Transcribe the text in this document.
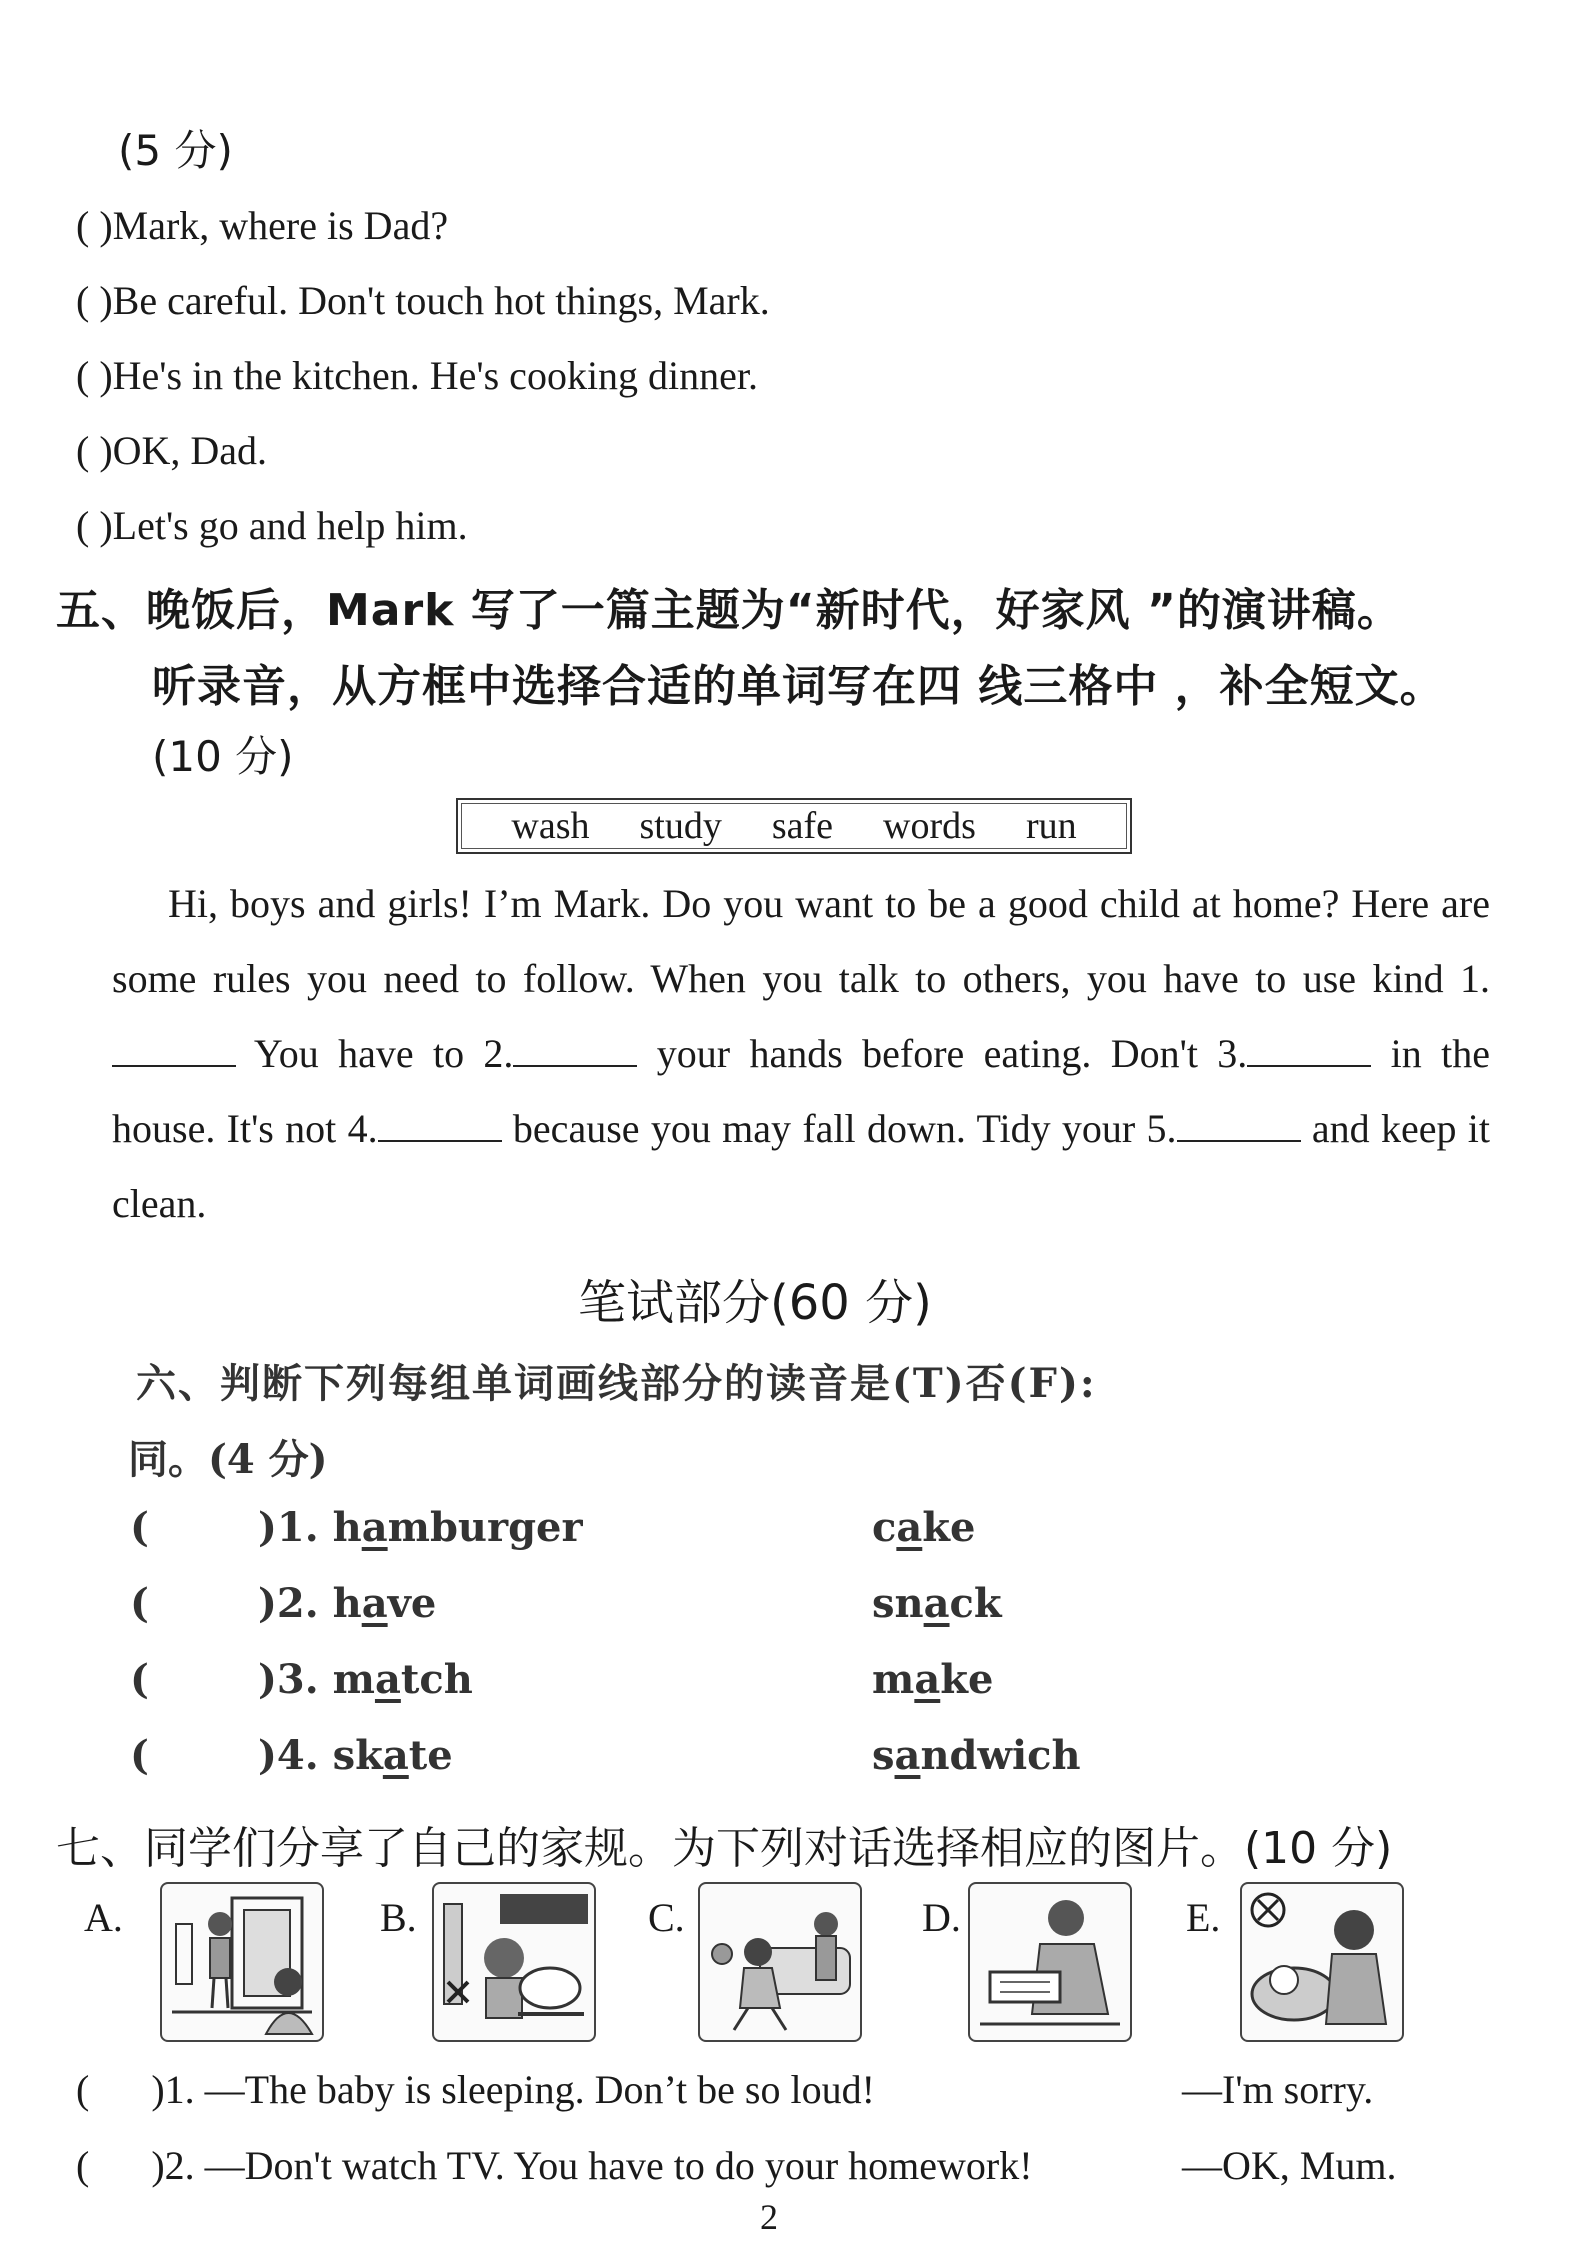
(5 分)
( )Mark, where is Dad?
( )Be careful. Don't touch hot things, Mark.
( )He's in the kitchen. He's cooking dinner.
( )OK, Dad.
( )Let's go and help him.
五、晚饭后，Mark 写了一篇主题为“新时代，好家风 ”的演讲稿。
听录音，从方框中选择合适的单词写在四 线三格中 ，补全短文。
(10 分)
wash study safe words run
Hi, boys and girls! I’m Mark. Do you want to be a good child at home? Here are some rules you need to follow. When you talk to others, you have to use kind 1. You have to 2.	your hands before eating. Don't 3.	in the house. It's not 4.	because you may fall down. Tidy your 5.	and keep it clean.
笔试部分(60 分)
六、判断下列每组单词画线部分的读音是(T)否(F):
同。(4 分)
(	)1. hamburger	cake
(	)2. have	snack
(	)3. match	make
(	)4. skate	sandwich
七、同学们分享了自己的家规。为下列对话选择相应的图片。(10 分)
A.	B.	C.	D.	E.
( )1. —The baby is sleeping. Don’t be so loud!	—I'm sorry.
( )2. —Don't watch TV. You have to do your homework!	—OK, Mum.
2
